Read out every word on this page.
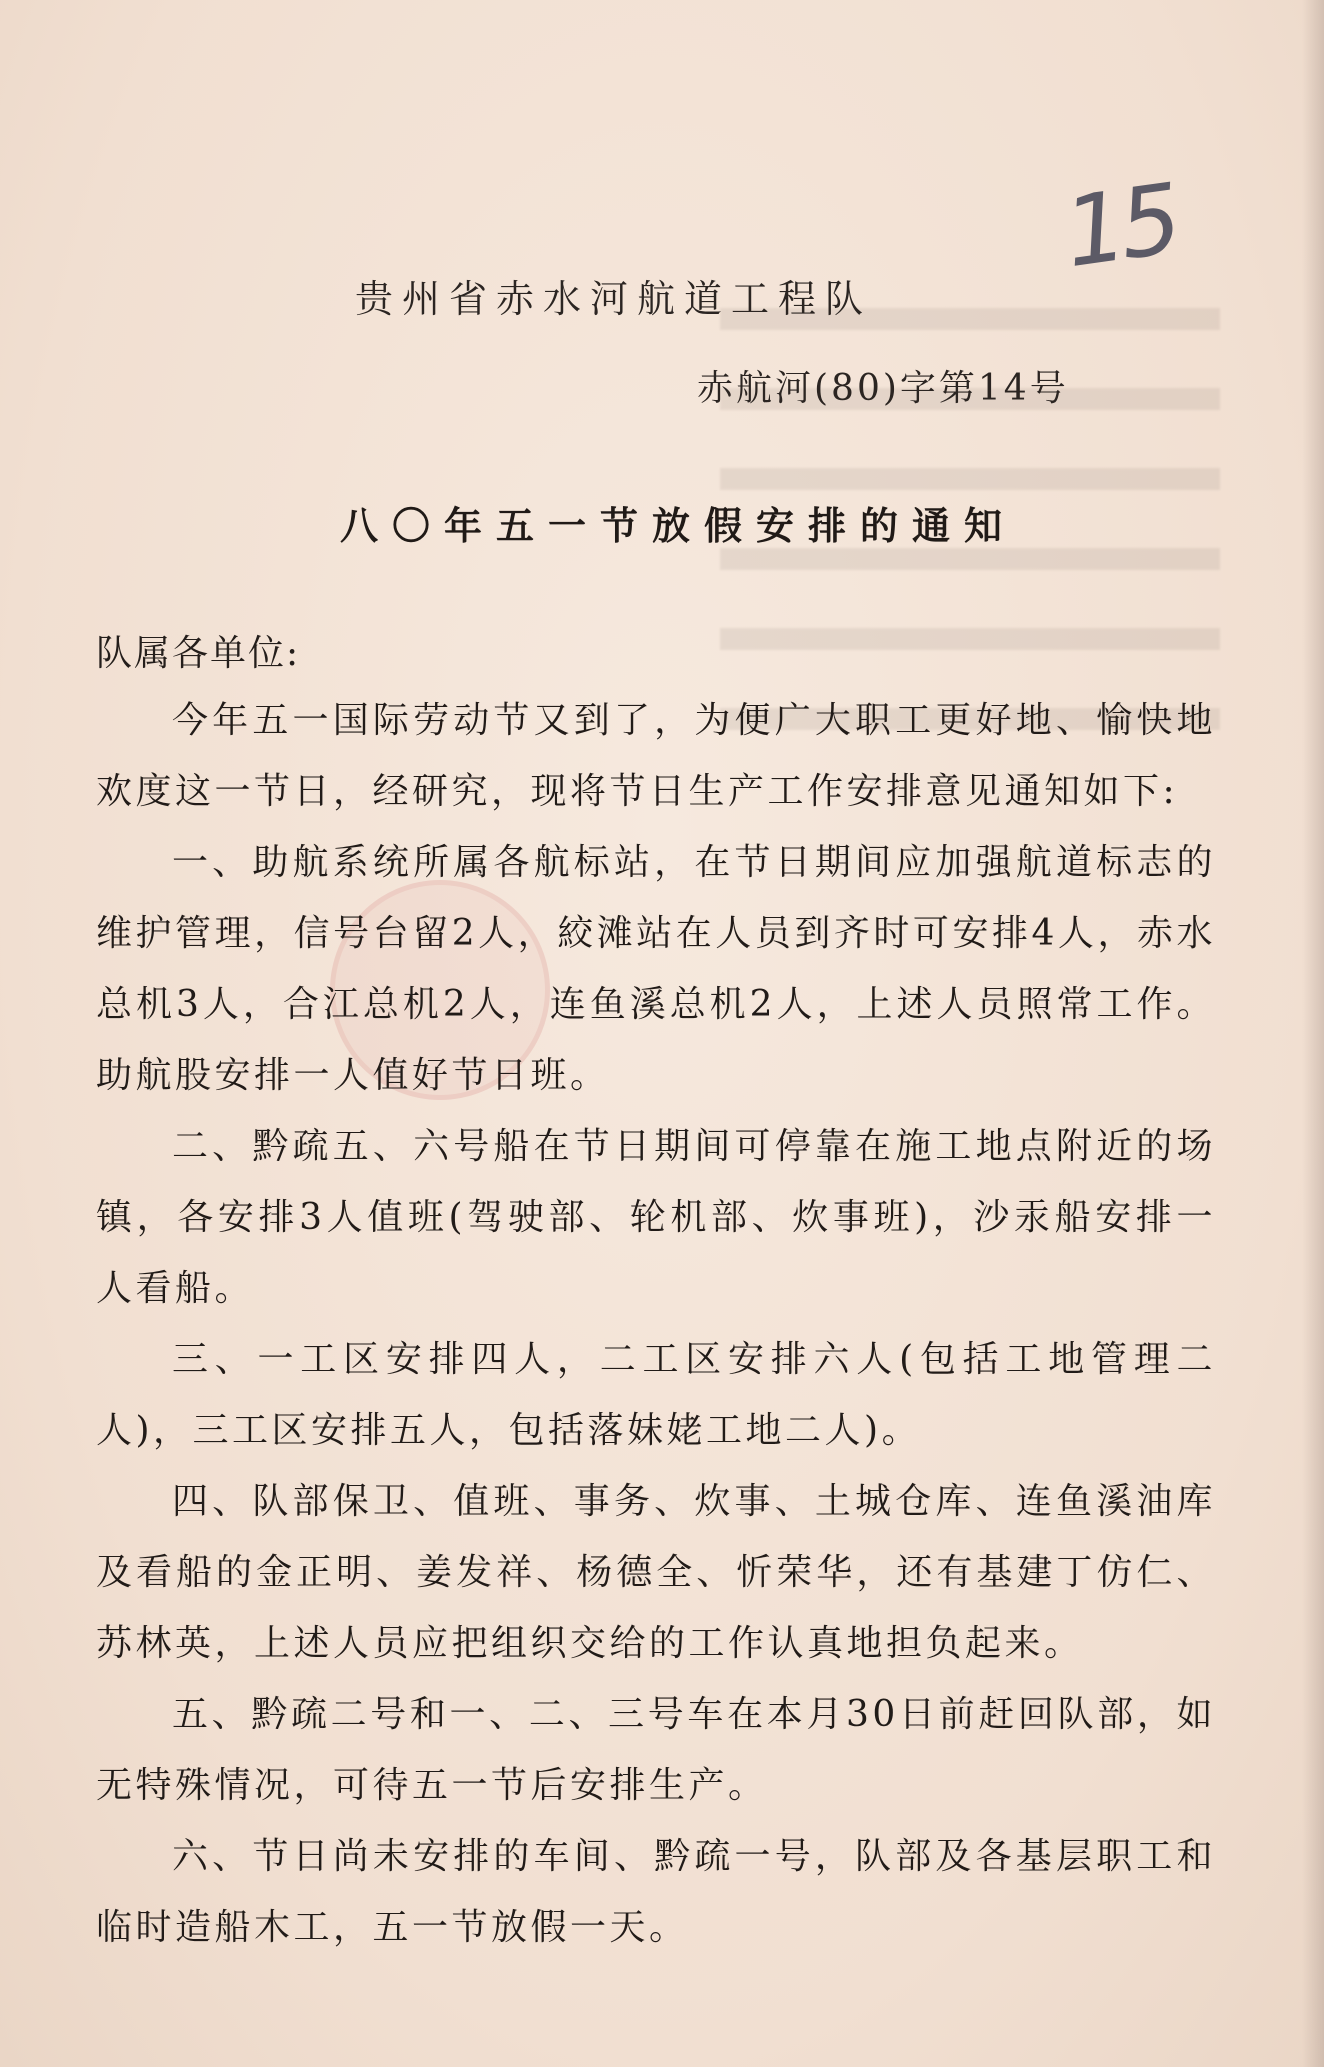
15
贵州省赤水河航道工程队
赤航河(80)字第14号
八〇年五一节放假安排的通知
队属各单位:

今年五一国际劳动节又到了，为便广大职工更好地、愉快地欢度这一节日，经研究，现将节日生产工作安排意见通知如下:

一、助航系统所属各航标站，在节日期间应加强航道标志的维护管理，信号台留2人，絞滩站在人员到齐时可安排4人，赤水总机3人，合江总机2人，连鱼溪总机2人，上述人员照常工作。助航股安排一人值好节日班。

二、黔疏五、六号船在节日期间可停靠在施工地点附近的场镇，各安排3人值班(驾驶部、轮机部、炊事班)，沙汞船安排一人看船。

三、一工区安排四人，二工区安排六人(包括工地管理二人)，三工区安排五人，包括落妹姥工地二人)。

四、队部保卫、值班、事务、炊事、土城仓库、连鱼溪油库及看船的金正明、姜发祥、杨德全、忻荣华，还有基建丁仿仁、苏林英，上述人员应把组织交给的工作认真地担负起来。

五、黔疏二号和一、二、三号车在本月30日前赶回队部，如无特殊情况，可待五一节后安排生产。

六、节日尚未安排的车间、黔疏一号，队部及各基层职工和临时造船木工，五一节放假一天。
